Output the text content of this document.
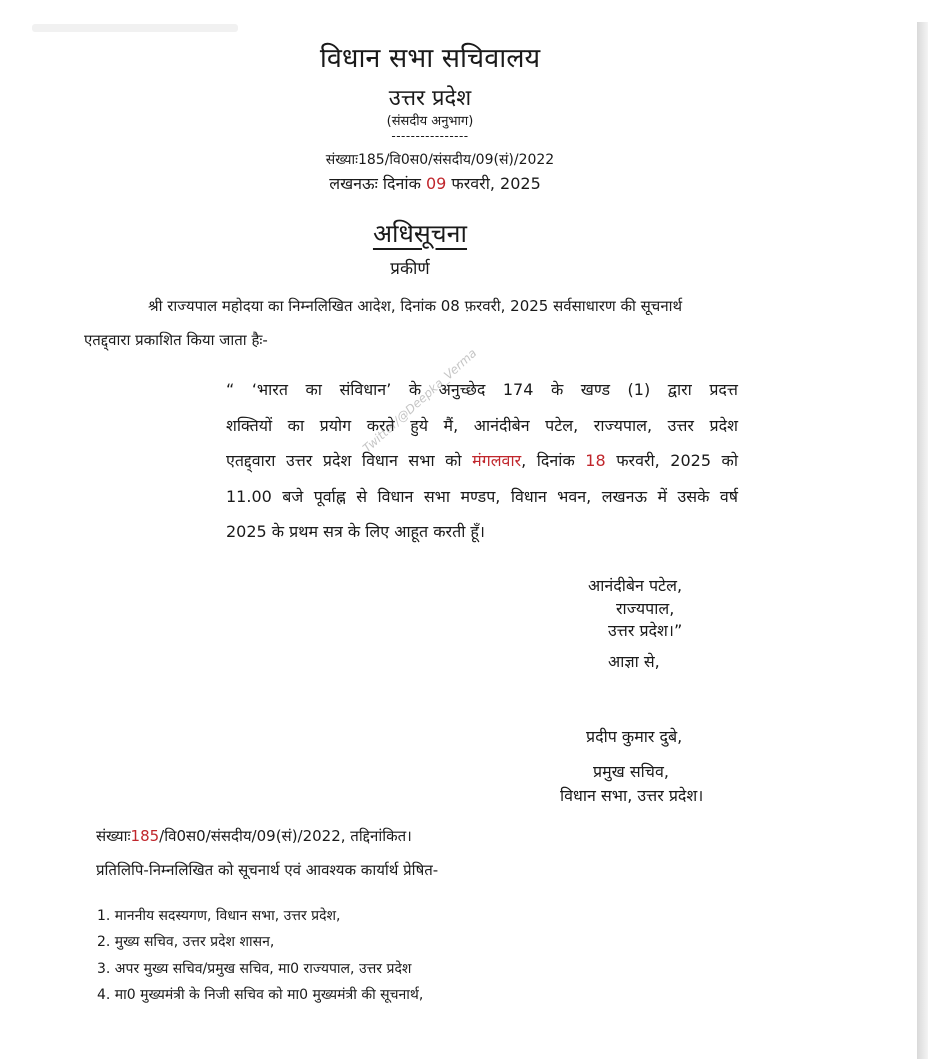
विधान सभा सचिवालय
उत्तर प्रदेश
(संसदीय अनुभाग)
----------------
संख्याः185/वि0स0/संसदीय/09(सं)/2022
लखनऊः दिनांक 09 फरवरी, 2025
अधिसूचना
प्रकीर्ण
श्री राज्यपाल महोदया का निम्नलिखित आदेश, दिनांक 08 फ़रवरी, 2025 सर्वसाधारण की सूचनार्थ
एतद्द्वारा प्रकाशित किया जाता हैः-
“ ‘भारत का संविधान’ के अनुच्छेद 174 के खण्ड (1) द्वारा प्रदत्त
शक्तियों का प्रयोग करते हुये मैं, आनंदीबेन पटेल, राज्यपाल, उत्तर प्रदेश
एतद्द्वारा उत्तर प्रदेश विधान सभा को मंगलवार, दिनांक 18 फरवरी, 2025 को
11.00 बजे पूर्वाह्न से विधान सभा मण्डप, विधान भवन, लखनऊ में उसके वर्ष
2025 के प्रथम सत्र के लिए आहूत करती हूँ।
Twitter/@Deepka_Verma
आनंदीबेन पटेल,
राज्यपाल,
उत्तर प्रदेश।”
आज्ञा से,
प्रदीप कुमार दुबे,
प्रमुख सचिव,
विधान सभा, उत्तर प्रदेश।
संख्याः185/वि0स0/संसदीय/09(सं)/2022, तद्दिनांकित।
प्रतिलिपि-निम्नलिखित को सूचनार्थ एवं आवश्यक कार्यार्थ प्रेषित-
1. माननीय सदस्यगण, विधान सभा, उत्तर प्रदेश,
2. मुख्य सचिव, उत्तर प्रदेश शासन,
3. अपर मुख्य सचिव/प्रमुख सचिव, मा0 राज्यपाल, उत्तर प्रदेश
4. मा0 मुख्यमंत्री के निजी सचिव को मा0 मुख्यमंत्री की सूचनार्थ,
